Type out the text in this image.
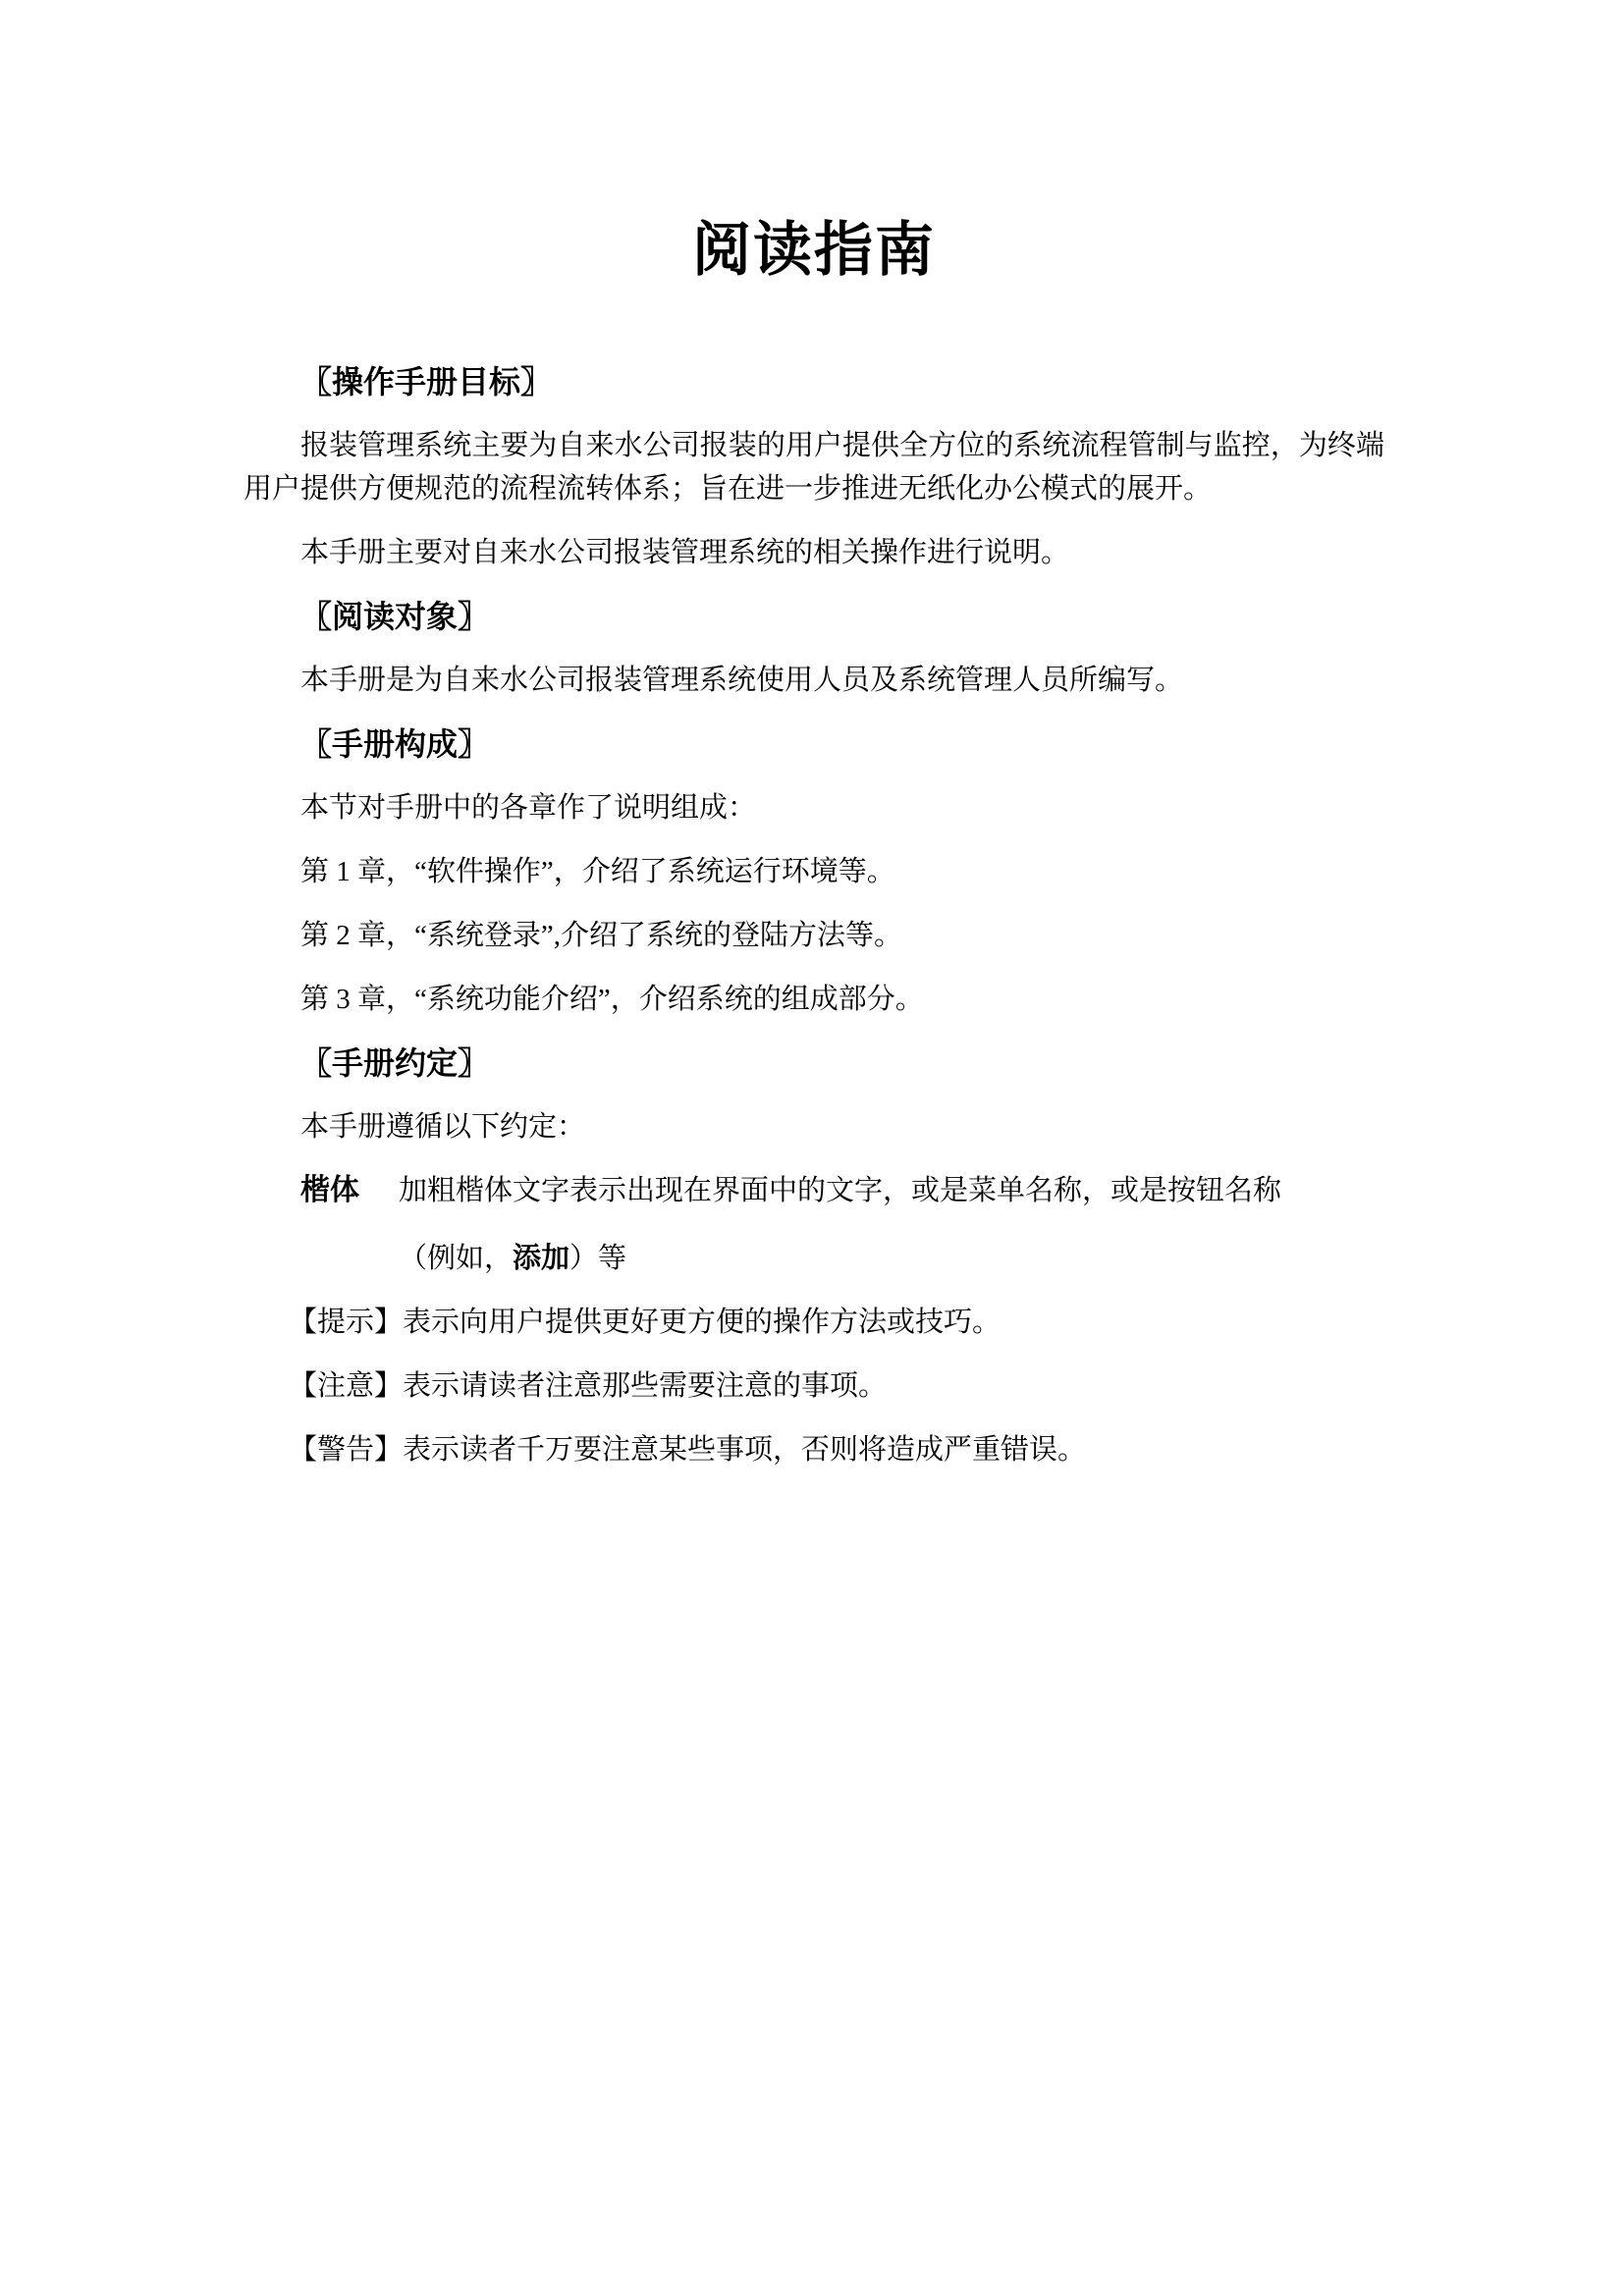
阅读指南
〖操作手册目标〗

报装管理系统主要为自来水公司报装的用户提供全方位的系统流程管制与监控，为终端用户提供方便规范的流程流转体系；旨在进一步推进无纸化办公模式的展开。

本手册主要对自来水公司报装管理系统的相关操作进行说明。

〖阅读对象〗

本手册是为自来水公司报装管理系统使用人员及系统管理人员所编写。

〖手册构成〗

本节对手册中的各章作了说明组成：

第 1 章，“软件操作”，介绍了系统运行环境等。

第 2 章，“系统登录”,介绍了系统的登陆方法等。

第 3 章，“系统功能介绍”，介绍系统的组成部分。

〖手册约定〗

本手册遵循以下约定：

楷体 加粗楷体文字表示出现在界面中的文字，或是菜单名称，或是按钮名称
（例如，添加）等

【提示】表示向用户提供更好更方便的操作方法或技巧。

【注意】表示请读者注意那些需要注意的事项。

【警告】表示读者千万要注意某些事项，否则将造成严重错误。
